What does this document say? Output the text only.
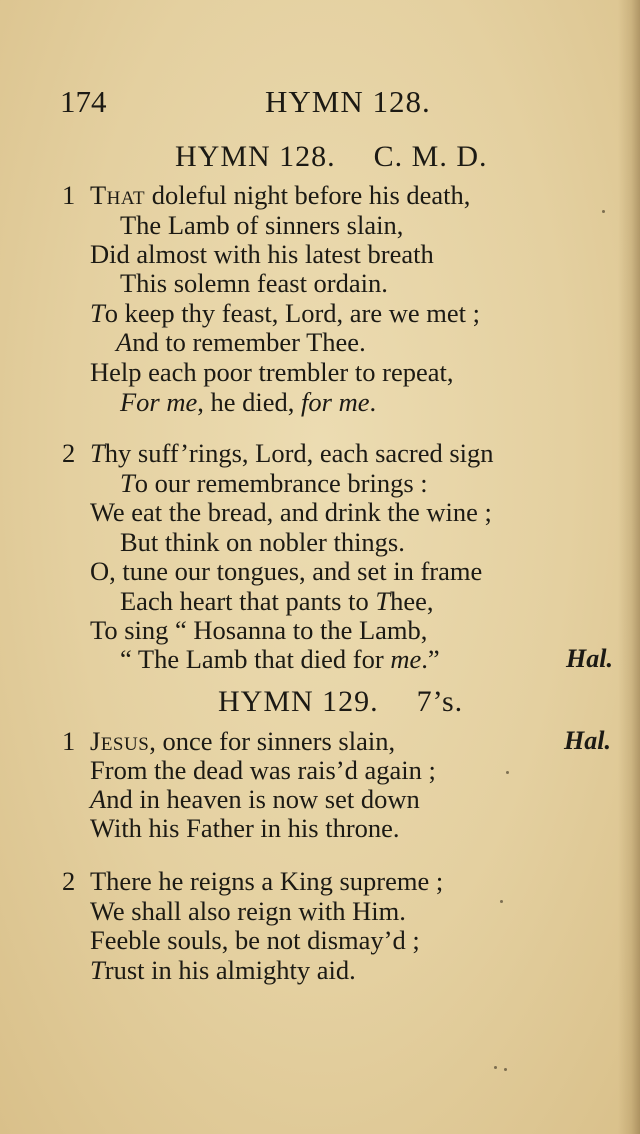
174	HYMN 128.
HYMN 128. C. M. D.
1 That doleful night before his death,
The Lamb of sinners slain,
Did almost with his latest breath
This solemn feast ordain.
To keep thy feast, Lord, are we met ;
And to remember Thee.
Help each poor trembler to repeat,
For me, he died, for me.
2 Thy suff’rings, Lord, each sacred sign
To our remembrance brings :
We eat the bread, and drink the wine ;
But think on nobler things.
O, tune our tongues, and set in frame
Each heart that pants to Thee,
To sing “ Hosanna to the Lamb,
“ The Lamb that died for me.”	Hal.
HYMN 129. 7’s.
1 Jesus, once for sinners slain,	Hal.
From the dead was rais’d again ;
And in heaven is now set down
With his Father in his throne.
2 There he reigns a King supreme ;
We shall also reign with Him.
Feeble souls, be not dismay’d ;
Trust in his almighty aid.
